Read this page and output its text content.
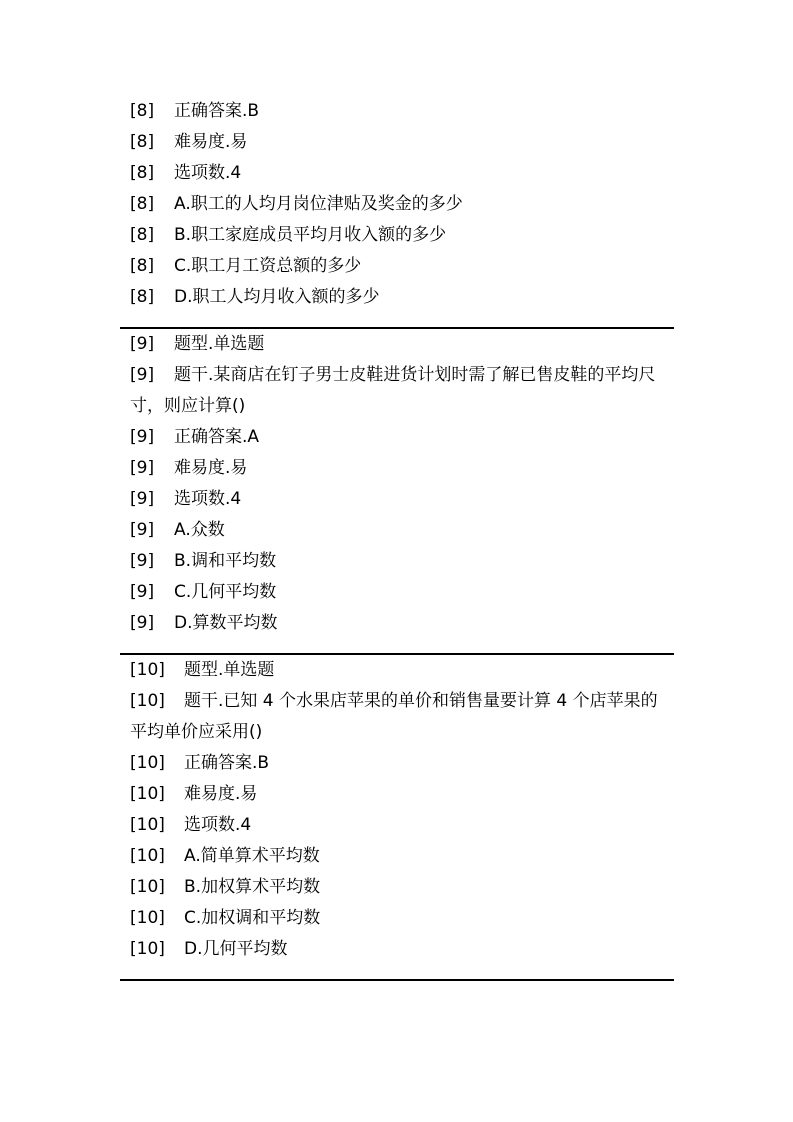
[8] 正确答案.B

[8] 难易度.易

[8] 选项数.4

[8] A.职工的人均月岗位津贴及奖金的多少

[8] B.职工家庭成员平均月收入额的多少

[8] C.职工月工资总额的多少

[8] D.职工人均月收入额的多少

[9] 题型.单选题

[9] 题干.某商店在钉子男士皮鞋进货计划时需了解已售皮鞋的平均尺寸，则应计算()

[9] 正确答案.A

[9] 难易度.易

[9] 选项数.4

[9] A.众数

[9] B.调和平均数

[9] C.几何平均数

[9] D.算数平均数

[10] 题型.单选题

[10] 题干.已知 4 个水果店苹果的单价和销售量要计算 4 个店苹果的平均单价应采用()

[10] 正确答案.B

[10] 难易度.易

[10] 选项数.4

[10] A.简单算术平均数

[10] B.加权算术平均数

[10] C.加权调和平均数

[10] D.几何平均数
